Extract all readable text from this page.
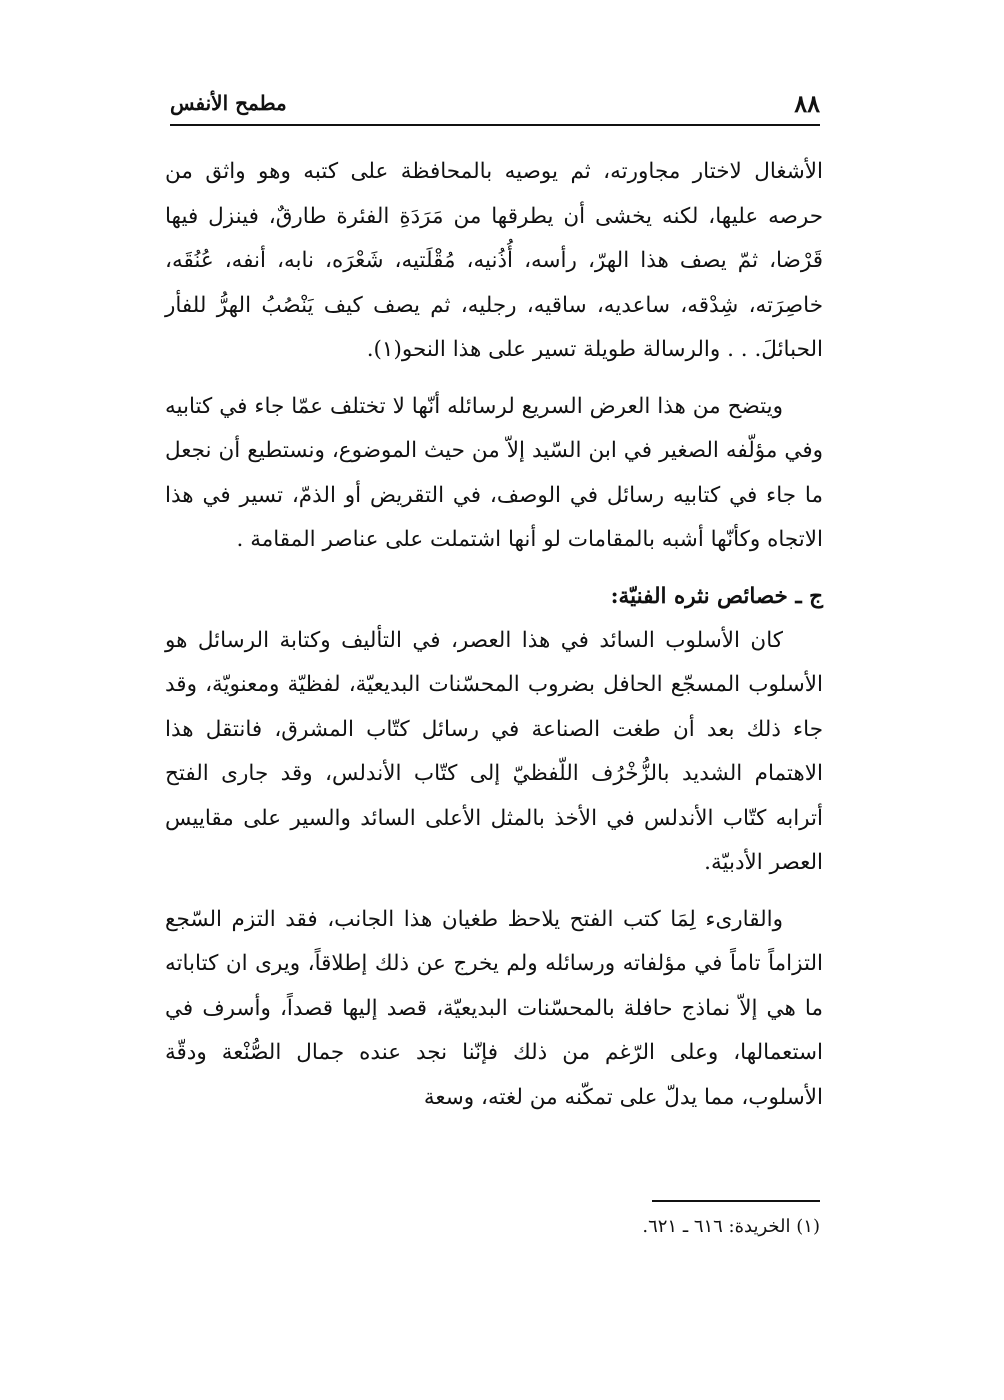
٨٨
مطمح الأنفس

الأشغال لاختار مجاورته، ثم يوصيه بالمحافظة على كتبه وهو واثق من حرصه عليها، لكنه يخشى أن يطرقها من مَرَدَةِ الفئرة طارقٌ، فينزل فيها قَرْضا، ثمّ يصف هذا الهرّ، رأسه، أُذُنيه، مُقْلَتيه، شَعْرَه، نابه، أنفه، عُنُقَه، خاصِرَته، شِدْقه، ساعديه، ساقيه، رجليه، ثم يصف كيف يَنْصُبُ الهرُّ للفأر الحبائلَ. . . والرسالة طويلة تسير على هذا النحو(١).

ويتضح من هذا العرض السريع لرسائله أنّها لا تختلف عمّا جاء في كتابيه وفي مؤلّفه الصغير في ابن السّيد إلاّ من حيث الموضوع، ونستطيع أن نجعل ما جاء في كتابيه رسائل في الوصف، في التقريض أو الذمّ، تسير في هذا الاتجاه وكأنّها أشبه بالمقامات لو أنها اشتملت على عناصر المقامة .

ج ـ خصائص نثره الفنيّة:

كان الأسلوب السائد في هذا العصر، في التأليف وكتابة الرسائل هو الأسلوب المسجّع الحافل بضروب المحسّنات البديعيّة، لفظيّة ومعنويّة، وقد جاء ذلك بعد أن طغت الصناعة في رسائل كتّاب المشرق، فانتقل هذا الاهتمام الشديد بالزُّخْرُف اللّفظيّ إلى كتّاب الأندلس، وقد جارى الفتح أترابه كتّاب الأندلس في الأخذ بالمثل الأعلى السائد والسير على مقاييس العصر الأدبيّة.

والقارىء لِمَا كتب الفتح يلاحظ طغيان هذا الجانب، فقد التزم السّجع التزاماً تاماً في مؤلفاته ورسائله ولم يخرج عن ذلك إطلاقاً، ويرى ان كتاباته ما هي إلاّ نماذج حافلة بالمحسّنات البديعيّة، قصد إليها قصداً، وأسرف في استعمالها، وعلى الرّغم من ذلك فإنّنا نجد عنده جمال الصُّنْعة ودقّة الأسلوب، مما يدلّ على تمكّنه من لغته، وسعة

(١) الخريدة: ٦١٦ ـ ٦٢١.
